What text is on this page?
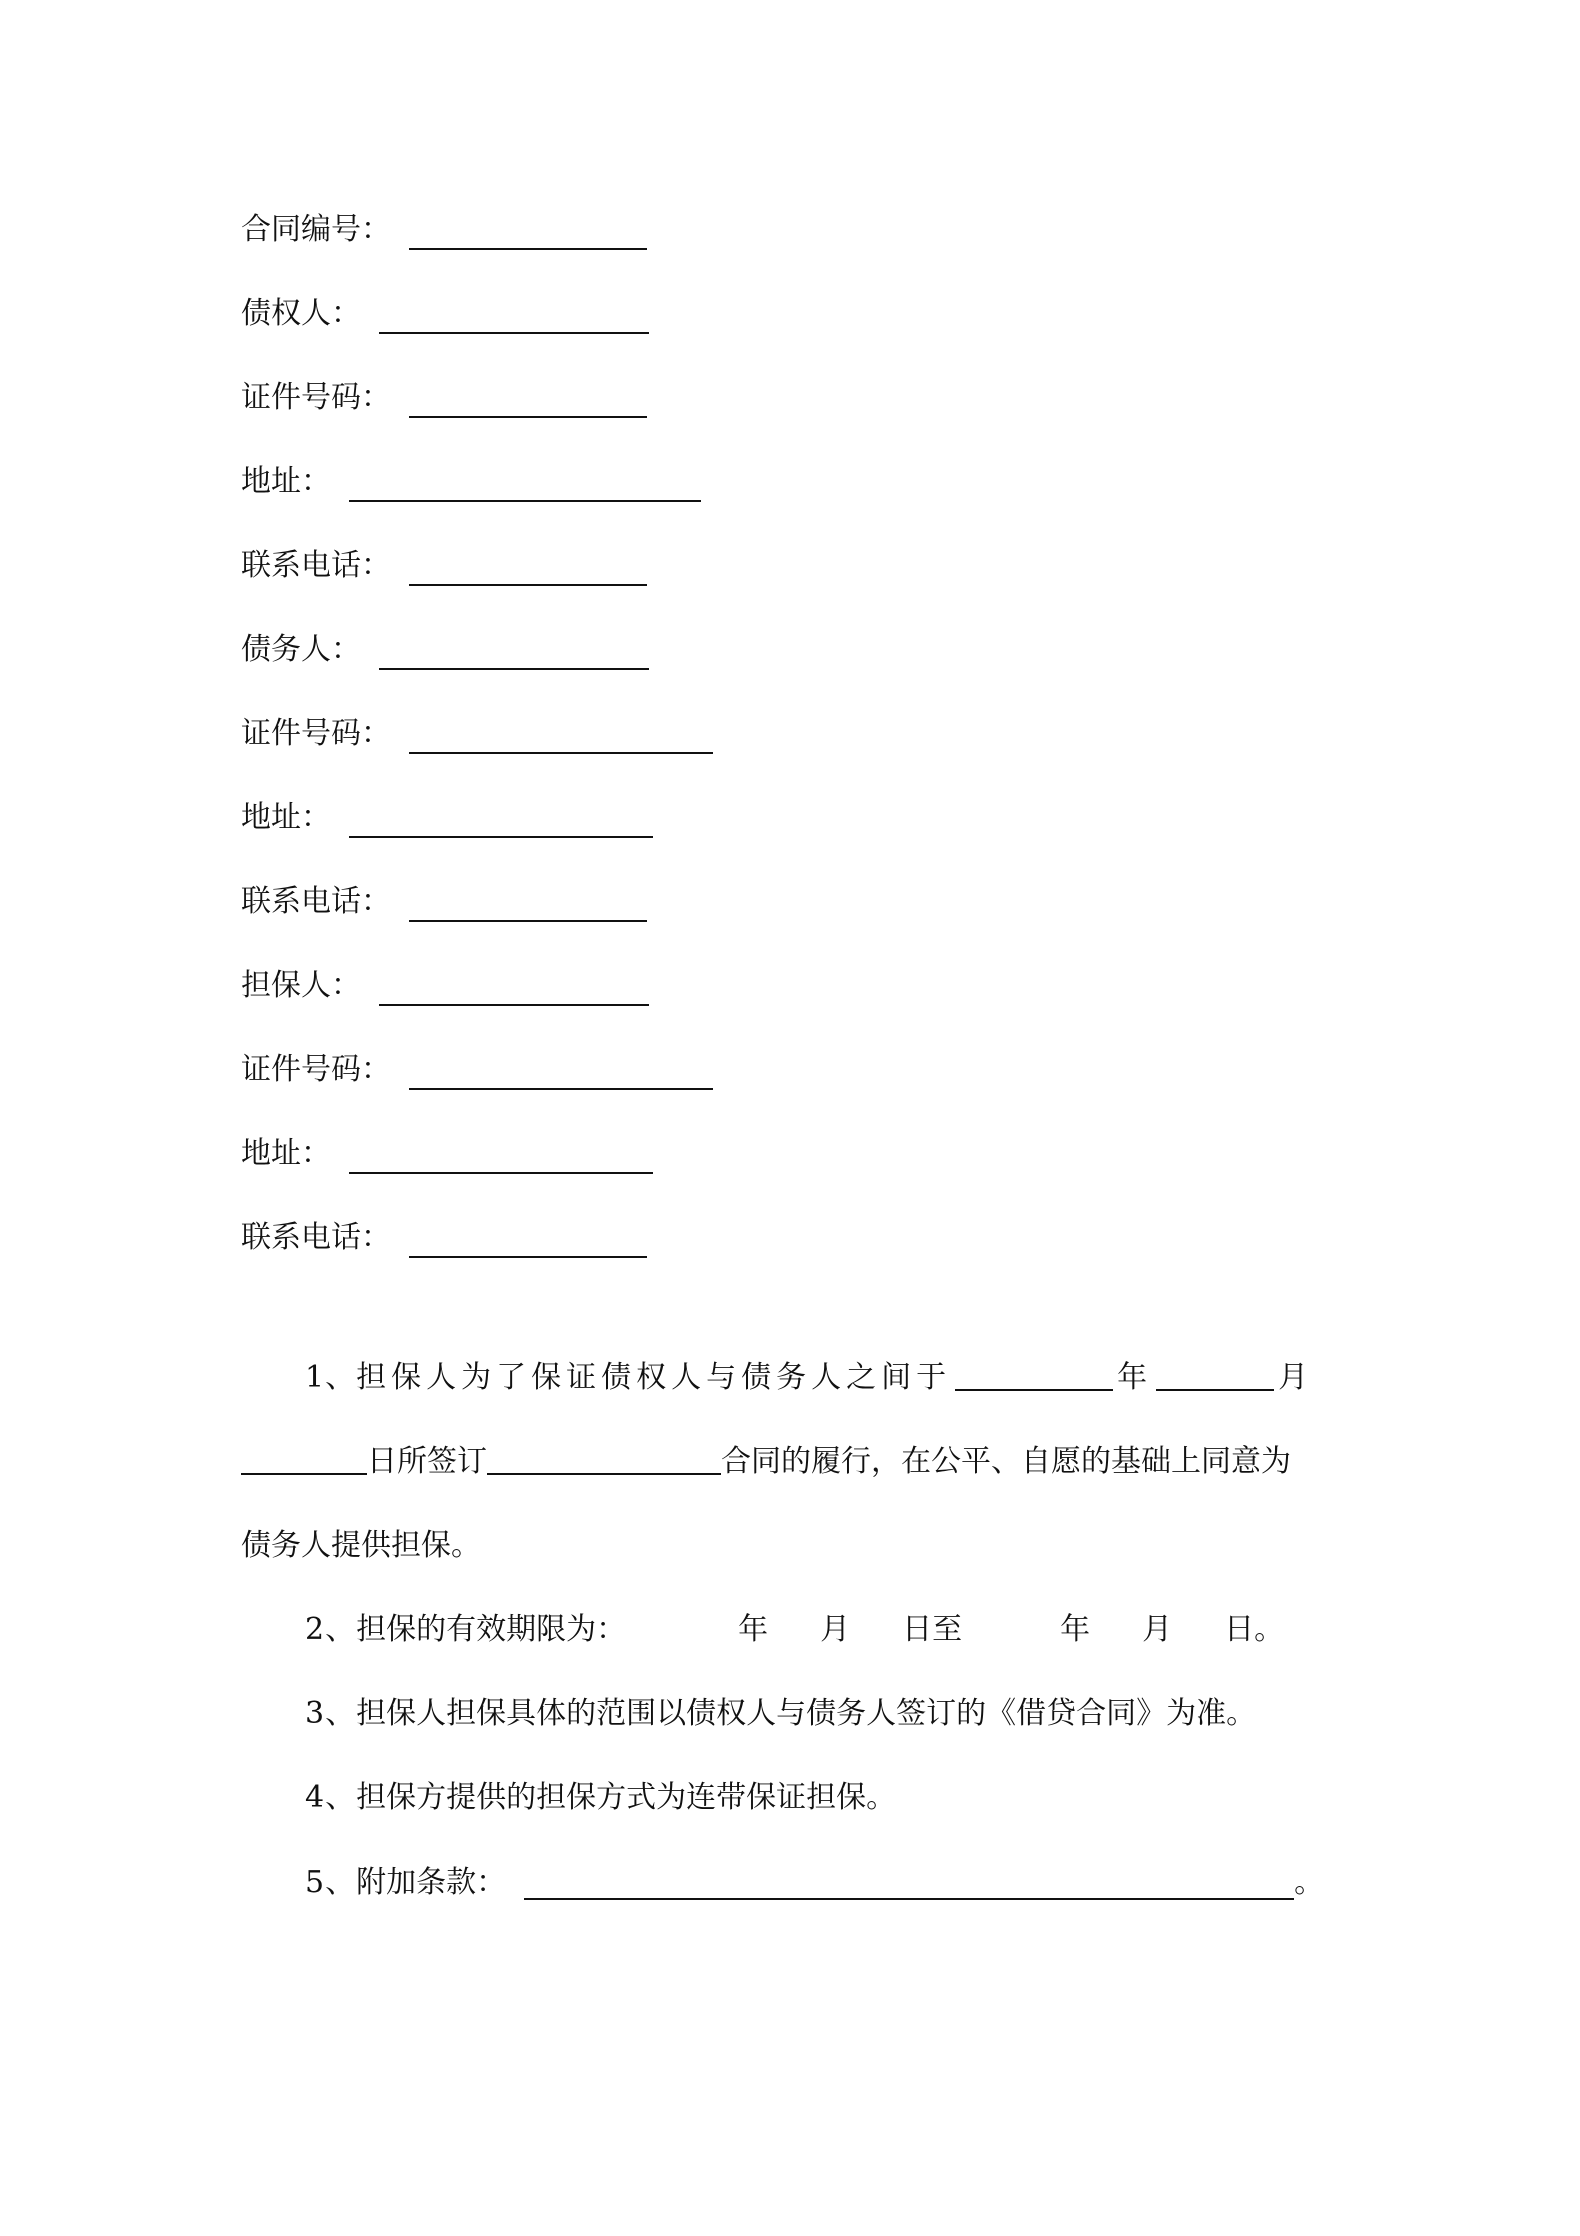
合同编号：
债权人：
证件号码：
地址：
联系电话：
债务人：
证件号码：
地址：
联系电话：
担保人：
证件号码：
地址：
联系电话：
1、担保人为了保证债权人与债务人之间于	年	月
日所签订	合同的履行，在公平、自愿的基础上同意为
债务人提供担保。
2、担保的有效期限为：	年 月 日至	年 月 日。
3、担保人担保具体的范围以债权人与债务人签订的《借贷合同》为准。
4、担保方提供的担保方式为连带保证担保。
5、附加条款：	。
